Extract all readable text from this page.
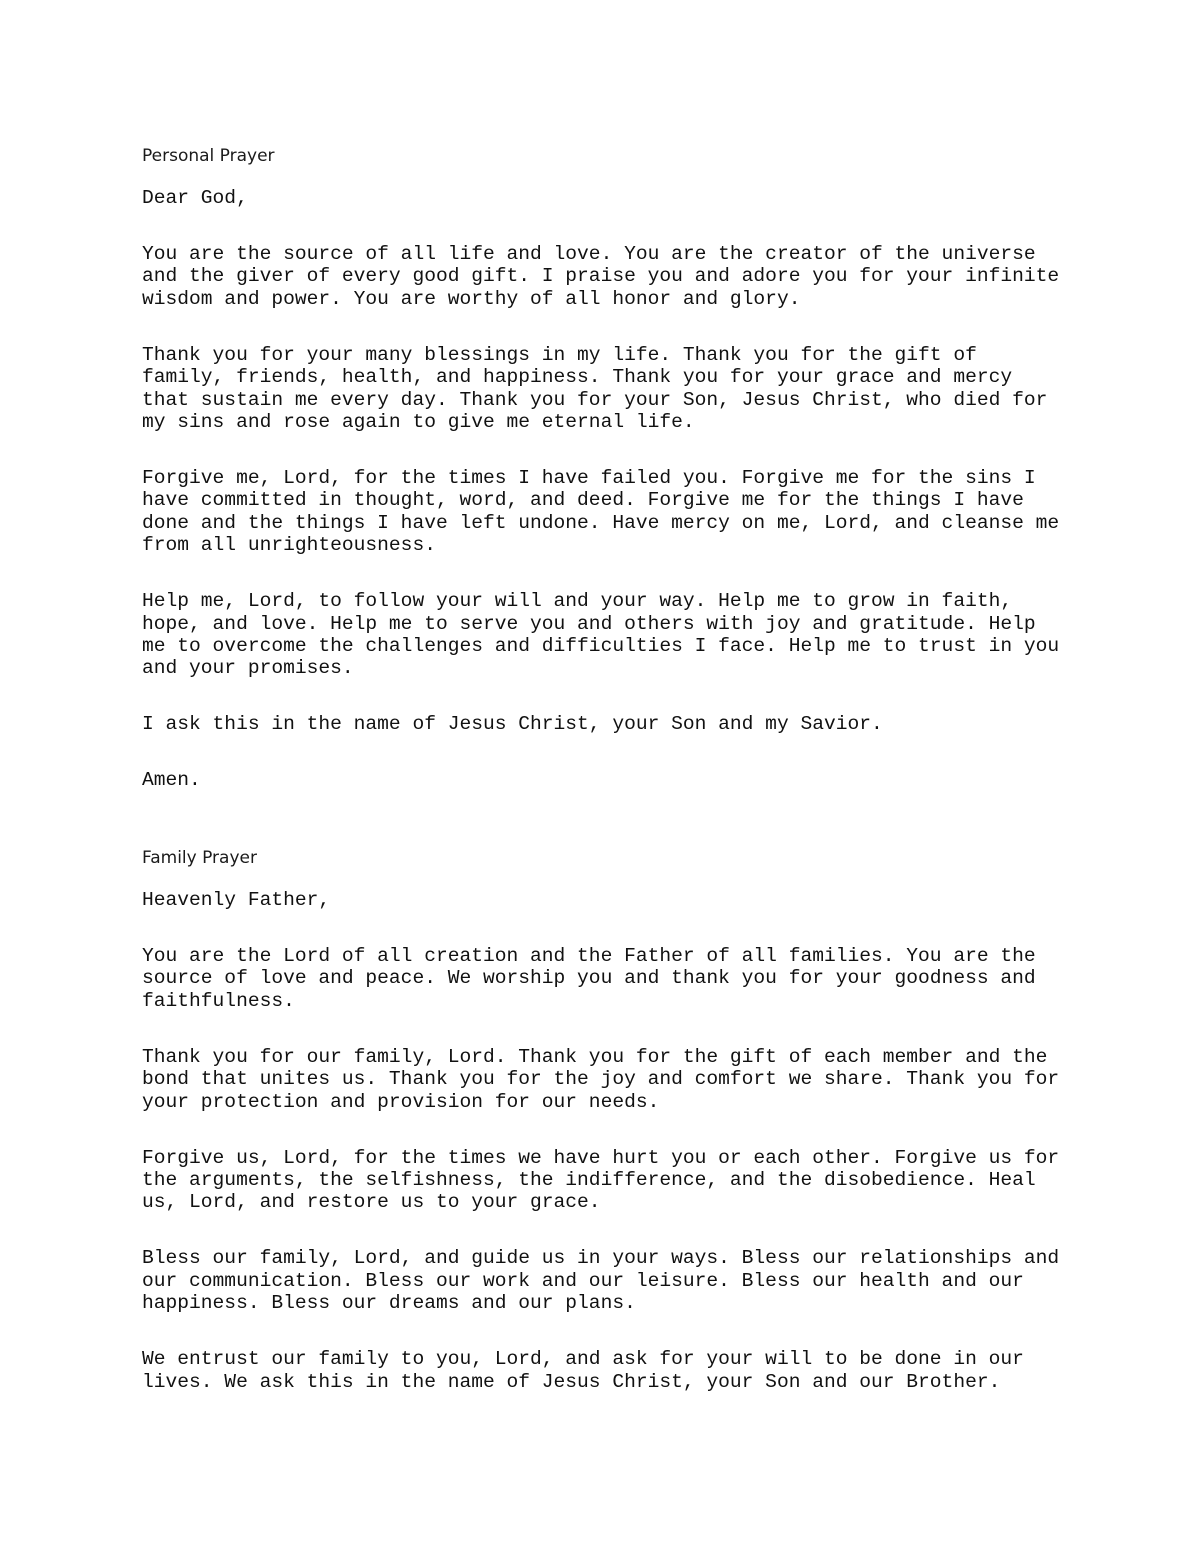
Personal Prayer
Dear God,
You are the source of all life and love. You are the creator of the universe
and the giver of every good gift. I praise you and adore you for your infinite
wisdom and power. You are worthy of all honor and glory.
Thank you for your many blessings in my life. Thank you for the gift of
family, friends, health, and happiness. Thank you for your grace and mercy
that sustain me every day. Thank you for your Son, Jesus Christ, who died for
my sins and rose again to give me eternal life.
Forgive me, Lord, for the times I have failed you. Forgive me for the sins I
have committed in thought, word, and deed. Forgive me for the things I have
done and the things I have left undone. Have mercy on me, Lord, and cleanse me
from all unrighteousness.
Help me, Lord, to follow your will and your way. Help me to grow in faith,
hope, and love. Help me to serve you and others with joy and gratitude. Help
me to overcome the challenges and difficulties I face. Help me to trust in you
and your promises.
I ask this in the name of Jesus Christ, your Son and my Savior.
Amen.
Family Prayer
Heavenly Father,
You are the Lord of all creation and the Father of all families. You are the
source of love and peace. We worship you and thank you for your goodness and
faithfulness.
Thank you for our family, Lord. Thank you for the gift of each member and the
bond that unites us. Thank you for the joy and comfort we share. Thank you for
your protection and provision for our needs.
Forgive us, Lord, for the times we have hurt you or each other. Forgive us for
the arguments, the selfishness, the indifference, and the disobedience. Heal
us, Lord, and restore us to your grace.
Bless our family, Lord, and guide us in your ways. Bless our relationships and
our communication. Bless our work and our leisure. Bless our health and our
happiness. Bless our dreams and our plans.
We entrust our family to you, Lord, and ask for your will to be done in our
lives. We ask this in the name of Jesus Christ, your Son and our Brother.
